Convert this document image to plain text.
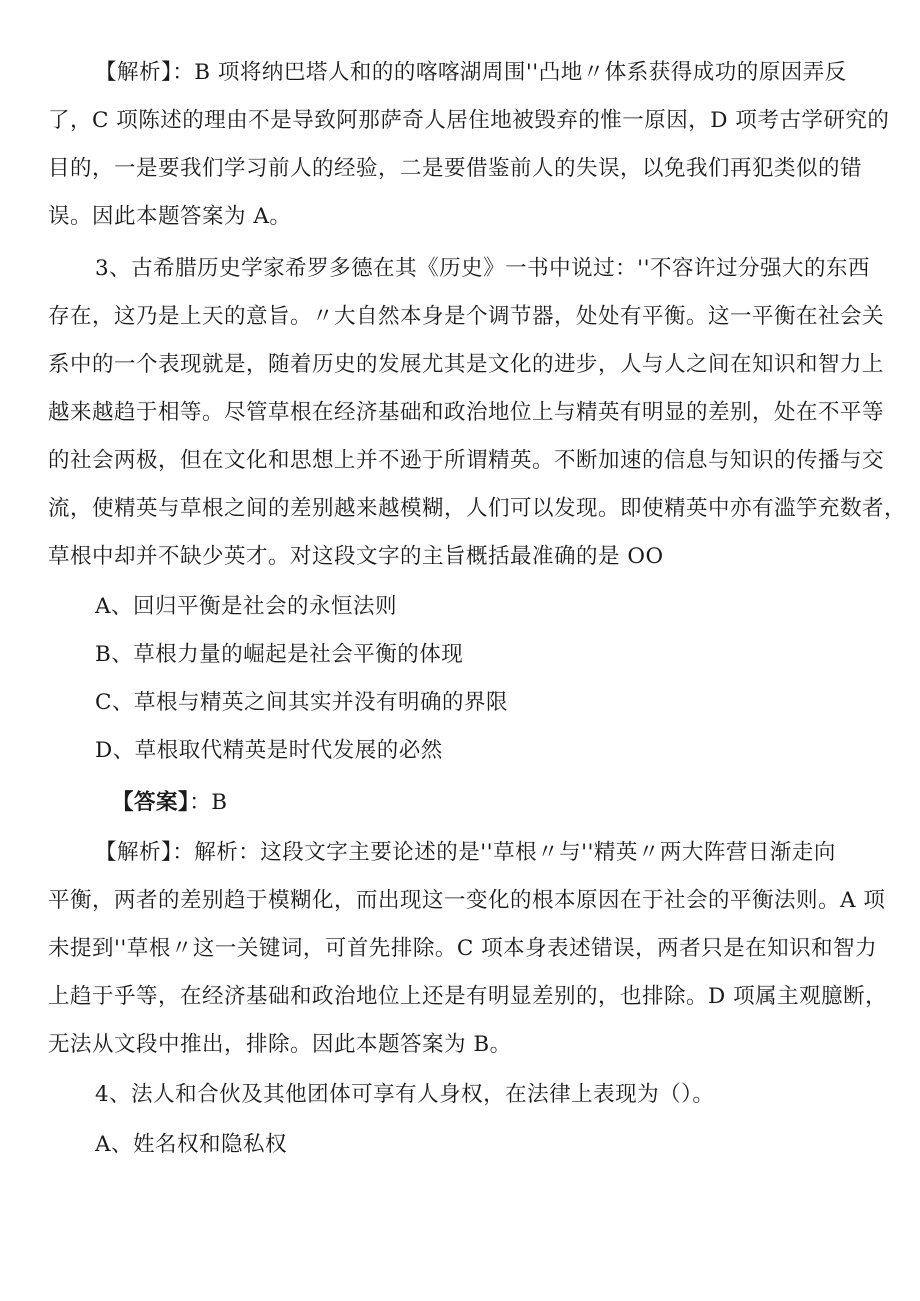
【解析】：B 项将纳巴塔人和的的喀喀湖周围''凸地〃体系获得成功的原因弄反
了，C 项陈述的理由不是导致阿那萨奇人居住地被毁弃的惟一原因，D 项考古学研究的
目的，一是要我们学习前人的经验，二是要借鉴前人的失误，以免我们再犯类似的错
误。因此本题答案为 A。
3、古希腊历史学家希罗多德在其《历史》一书中说过：''不容许过分强大的东西
存在，这乃是上天的意旨。〃大自然本身是个调节器，处处有平衡。这一平衡在社会关
系中的一个表现就是，随着历史的发展尤其是文化的进步，人与人之间在知识和智力上
越来越趋于相等。尽管草根在经济基础和政治地位上与精英有明显的差别，处在不平等
的社会两极，但在文化和思想上并不逊于所谓精英。不断加速的信息与知识的传播与交
流，使精英与草根之间的差别越来越模糊，人们可以发现。即使精英中亦有滥竽充数者，
草根中却并不缺少英才。对这段文字的主旨概括最准确的是 OO
A、回归平衡是社会的永恒法则
B、草根力量的崛起是社会平衡的体现
C、草根与精英之间其实并没有明确的界限
D、草根取代精英是时代发展的必然
【答案】：B
【解析】：解析：这段文字主要论述的是''草根〃与''精英〃两大阵营日渐走向
平衡，两者的差别趋于模糊化，而出现这一变化的根本原因在于社会的平衡法则。A 项
未提到''草根〃这一关键词，可首先排除。C 项本身表述错误，两者只是在知识和智力
上趋于乎等，在经济基础和政治地位上还是有明显差别的，也排除。D 项属主观臆断，
无法从文段中推出，排除。因此本题答案为 B。
4、法人和合伙及其他团体可享有人身权，在法律上表现为（）。
A、姓名权和隐私权
